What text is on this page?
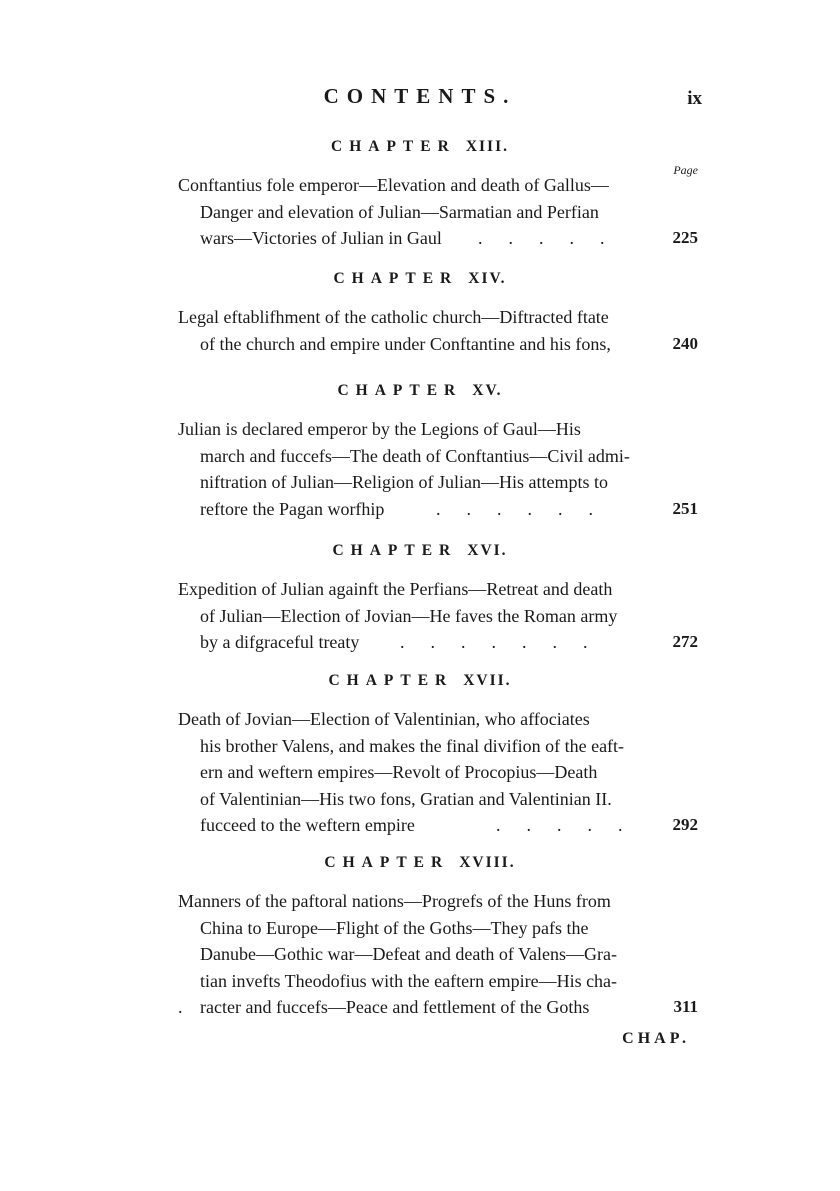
CONTENTS.	ix
Page
CHAPTER XIII.
Conftantius fole emperor—Elevation and death of Gallus—
Danger and elevation of Julian—Sarmatian and Perfian
wars—Victories of Julian in Gaul ..... 225
CHAPTER XIV.
Legal eftablifhment of the catholic church—Diftracted ftate
of the church and empire under Conftantine and his fons,	240
CHAPTER XV.
Julian is declared emperor by the Legions of Gaul—His
march and fuccefs—The death of Conftantius—Civil admi-
niftration of Julian—Religion of Julian—His attempts to
reftore the Pagan worfhip	......	251
CHAPTER XVI.
Expedition of Julian againft the Perfians—Retreat and death
of Julian—Election of Jovian—He faves the Roman army
by a difgraceful treaty .......	272
CHAPTER XVII.
Death of Jovian—Election of Valentinian, who affociates
his brother Valens, and makes the final divifion of the eaft-
ern and weftern empires—Revolt of Procopius—Death
of Valentinian—His two fons, Gratian and Valentinian II.
fucceed to the weftern empire	..... 292
CHAPTER XVIII.
Manners of the paftoral nations—Progrefs of the Huns from
China to Europe—Flight of the Goths—They pafs the
Danube—Gothic war—Defeat and death of Valens—Gra-
tian invefts Theodofius with the eaftern empire—His cha-
racter and fuccefs—Peace and fettlement of the Goths
.	311
CHAP.
